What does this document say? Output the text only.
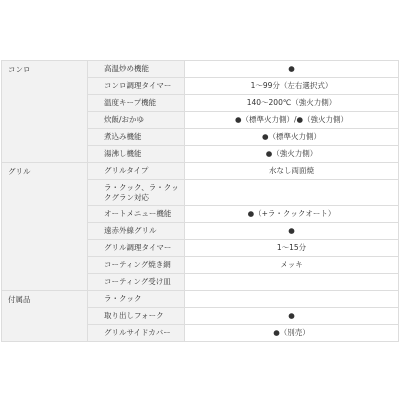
コンロ	高温炒め機能	●
	コンロ調理タイマー	1〜99分（左右選択式）
	温度キープ機能	140〜200℃（強火力側）
	炊飯/おかゆ	●（標準火力側）/●（強火力側）
	煮込み機能	●（標準火力側）
	湯沸し機能	●（強火力側）
グリル	グリルタイプ	水なし両面焼
	ラ・クック、ラ・クックグラン対応	
	オートメニュー機能	●（+ラ・クックオート）
	遠赤外線グリル	●
	グリル調理タイマー	1〜15分
	コーティング焼き網	メッキ
	コーティング受け皿	
付属品	ラ・クック	
	取り出しフォーク	●
	グリルサイドカバー	●（別売）
